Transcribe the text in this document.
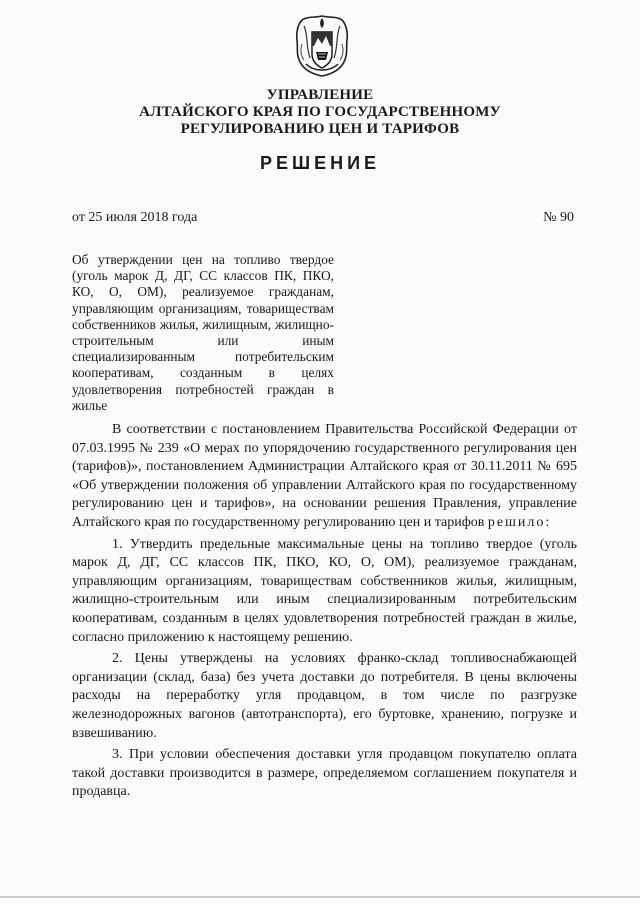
УПРАВЛЕНИЕ
АЛТАЙСКОГО КРАЯ ПО ГОСУДАРСТВЕННОМУ
РЕГУЛИРОВАНИЮ ЦЕН И ТАРИФОВ
РЕШЕНИЕ
от 25 июля 2018 года	№ 90
Об утверждении цен на топливо твердое (уголь марок Д, ДГ, СС классов ПК, ПКО, КО, О, ОМ), реализуемое гражданам, управляющим организациям, товариществам собственников жилья, жилищным, жилищно-строительным или иным специализированным потребительским кооперативам, созданным в целях удовлетворения потребностей граждан в жилье

В соответствии с постановлением Правительства Российской Федерации от 07.03.1995 № 239 «О мерах по упорядочению государственного регулирования цен (тарифов)», постановлением Администрации Алтайского края от 30.11.2011 № 695 «Об утверждении положения об управлении Алтайского края по государственному регулированию цен и тарифов», на основании решения Правления, управление Алтайского края по государственному регулированию цен и тарифов решило:

1. Утвердить предельные максимальные цены на топливо твердое (уголь марок Д, ДГ, СС классов ПК, ПКО, КО, О, ОМ), реализуемое гражданам, управляющим организациям, товариществам собственников жилья, жилищным, жилищно-строительным или иным специализированным потребительским кооперативам, созданным в целях удовлетворения потребностей граждан в жилье, согласно приложению к настоящему решению.

2. Цены утверждены на условиях франко-склад топливоснабжающей организации (склад, база) без учета доставки до потребителя. В цены включены расходы на переработку угля продавцом, в том числе по разгрузке железнодорожных вагонов (автотранспорта), его буртовке, хранению, погрузке и взвешиванию.

3. При условии обеспечения доставки угля продавцом покупателю оплата такой доставки производится в размере, определяемом соглашением покупателя и продавца.
